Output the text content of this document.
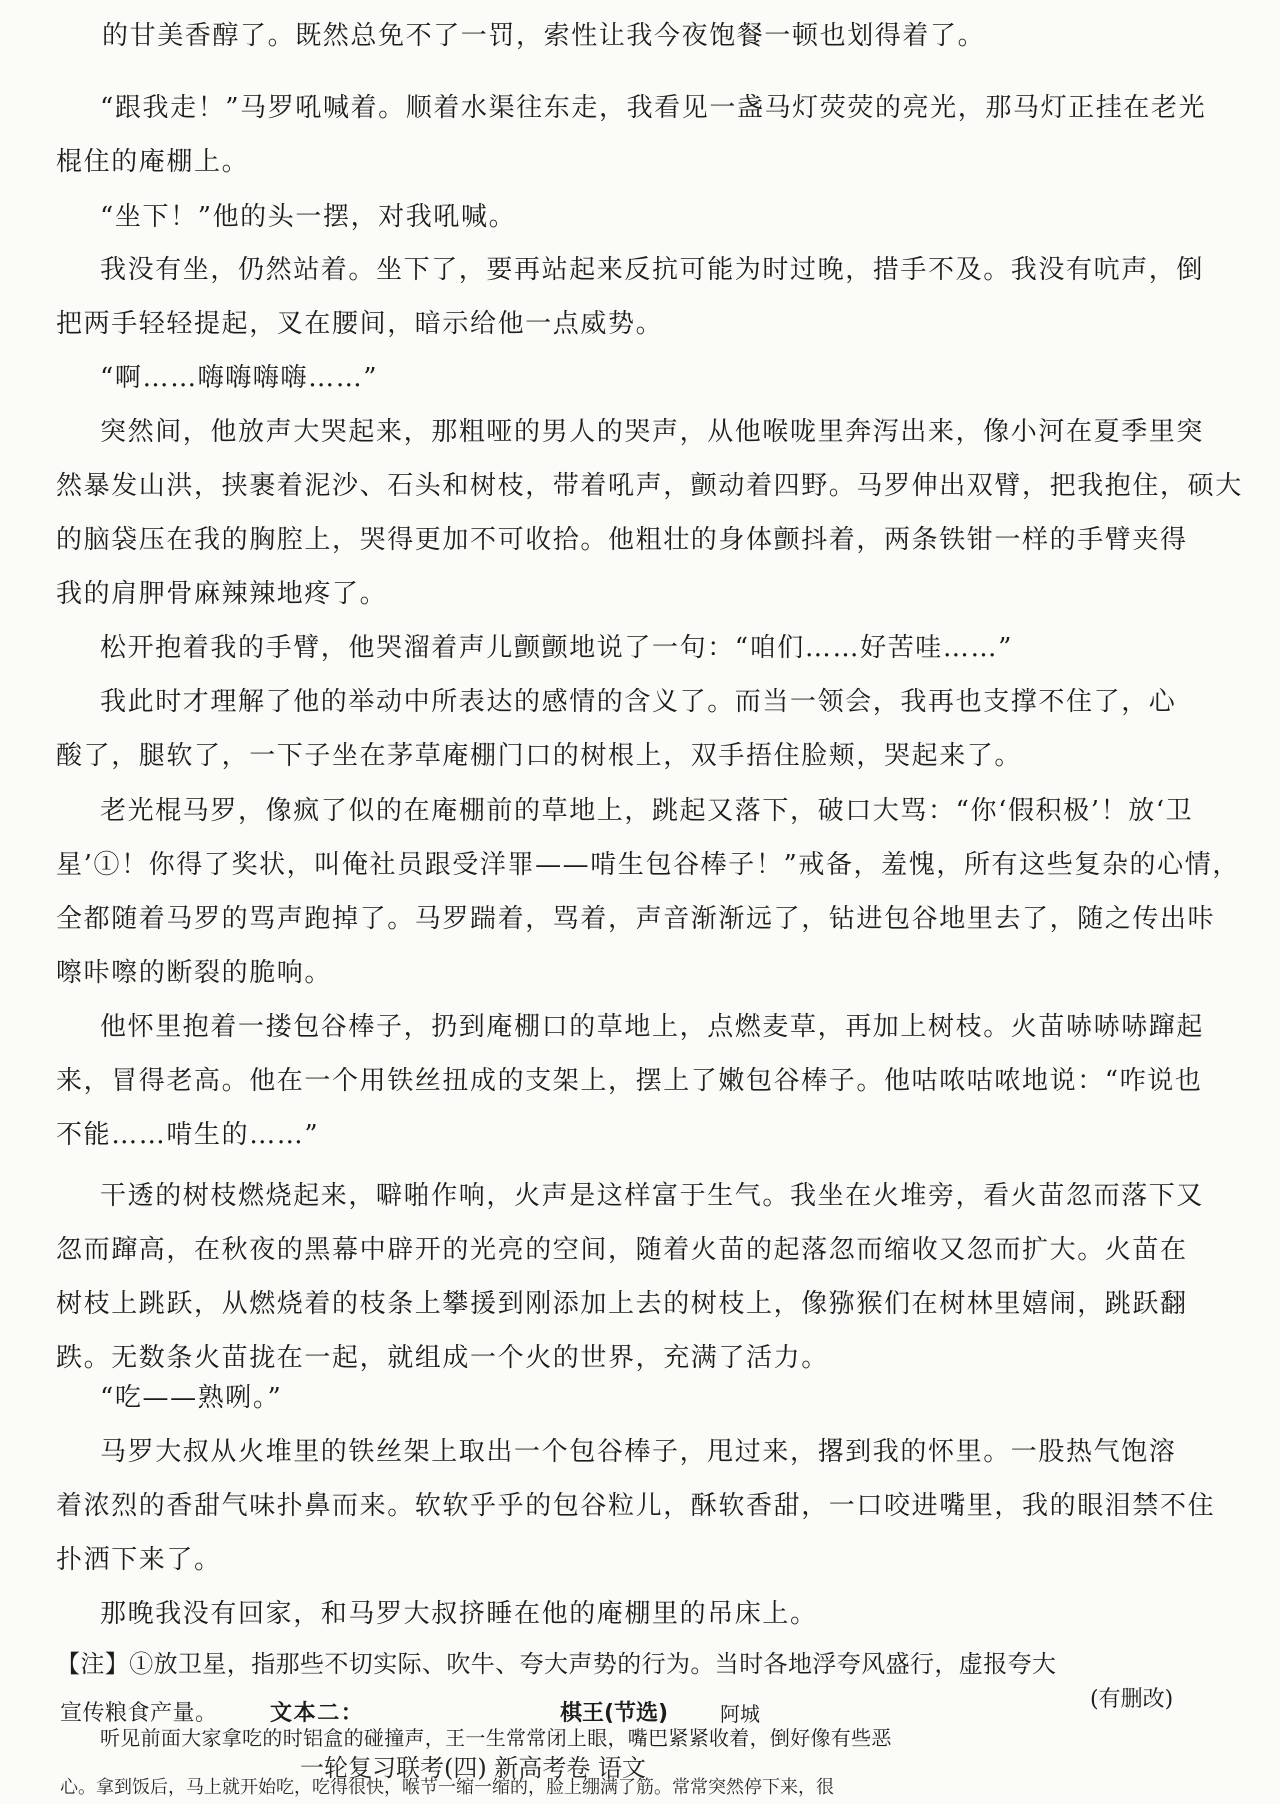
的甘美香醇了。既然总免不了一罚，索性让我今夜饱餐一顿也划得着了。
“跟我走！”马罗吼喊着。顺着水渠往东走，我看见一盏马灯荧荧的亮光，那马灯正挂在老光
棍住的庵棚上。
“坐下！”他的头一摆，对我吼喊。
我没有坐，仍然站着。坐下了，要再站起来反抗可能为时过晚，措手不及。我没有吭声，倒
把两手轻轻提起，叉在腰间，暗示给他一点威势。
“啊……嗨嗨嗨嗨……”
突然间，他放声大哭起来，那粗哑的男人的哭声，从他喉咙里奔泻出来，像小河在夏季里突
然暴发山洪，挟裹着泥沙、石头和树枝，带着吼声，颤动着四野。马罗伸出双臂，把我抱住，硕大
的脑袋压在我的胸腔上，哭得更加不可收拾。他粗壮的身体颤抖着，两条铁钳一样的手臂夹得
我的肩胛骨麻辣辣地疼了。
松开抱着我的手臂，他哭溜着声儿颤颤地说了一句：“咱们……好苦哇……”
我此时才理解了他的举动中所表达的感情的含义了。而当一领会，我再也支撑不住了，心
酸了，腿软了，一下子坐在茅草庵棚门口的树根上，双手捂住脸颊，哭起来了。
老光棍马罗，像疯了似的在庵棚前的草地上，跳起又落下，破口大骂：“你‘假积极’！放‘卫
星’①！你得了奖状，叫俺社员跟受洋罪——啃生包谷棒子！”戒备，羞愧，所有这些复杂的心情，
全都随着马罗的骂声跑掉了。马罗踹着，骂着，声音渐渐远了，钻进包谷地里去了，随之传出咔
嚓咔嚓的断裂的脆响。
他怀里抱着一搂包谷棒子，扔到庵棚口的草地上，点燃麦草，再加上树枝。火苗哧哧哧蹿起
来，冒得老高。他在一个用铁丝扭成的支架上，摆上了嫩包谷棒子。他咕哝咕哝地说：“咋说也
不能……啃生的……”
干透的树枝燃烧起来，噼啪作响，火声是这样富于生气。我坐在火堆旁，看火苗忽而落下又
忽而蹿高，在秋夜的黑幕中辟开的光亮的空间，随着火苗的起落忽而缩收又忽而扩大。火苗在
树枝上跳跃，从燃烧着的枝条上攀援到刚添加上去的树枝上，像猕猴们在树林里嬉闹，跳跃翻
跌。无数条火苗拢在一起，就组成一个火的世界，充满了活力。
“吃——熟咧。”
马罗大叔从火堆里的铁丝架上取出一个包谷棒子，甩过来，撂到我的怀里。一股热气饱溶
着浓烈的香甜气味扑鼻而来。软软乎乎的包谷粒儿，酥软香甜，一口咬进嘴里，我的眼泪禁不住
扑洒下来了。
那晚我没有回家，和马罗大叔挤睡在他的庵棚里的吊床上。
【注】①放卫星，指那些不切实际、吹牛、夸大声势的行为。当时各地浮夸风盛行，虚报夸大
一轮复习联考(四) 新高考卷 语文
(有删改)
宣传粮食产量。 文本二：	棋王(节选)	阿城
听见前面大家拿吃的时铝盒的碰撞声，王一生常常闭上眼，嘴巴紧紧收着，倒好像有些恶
心。拿到饭后，马上就开始吃，吃得很快，喉节一缩一缩的，脸上绷满了筋。常常突然停下来，很
